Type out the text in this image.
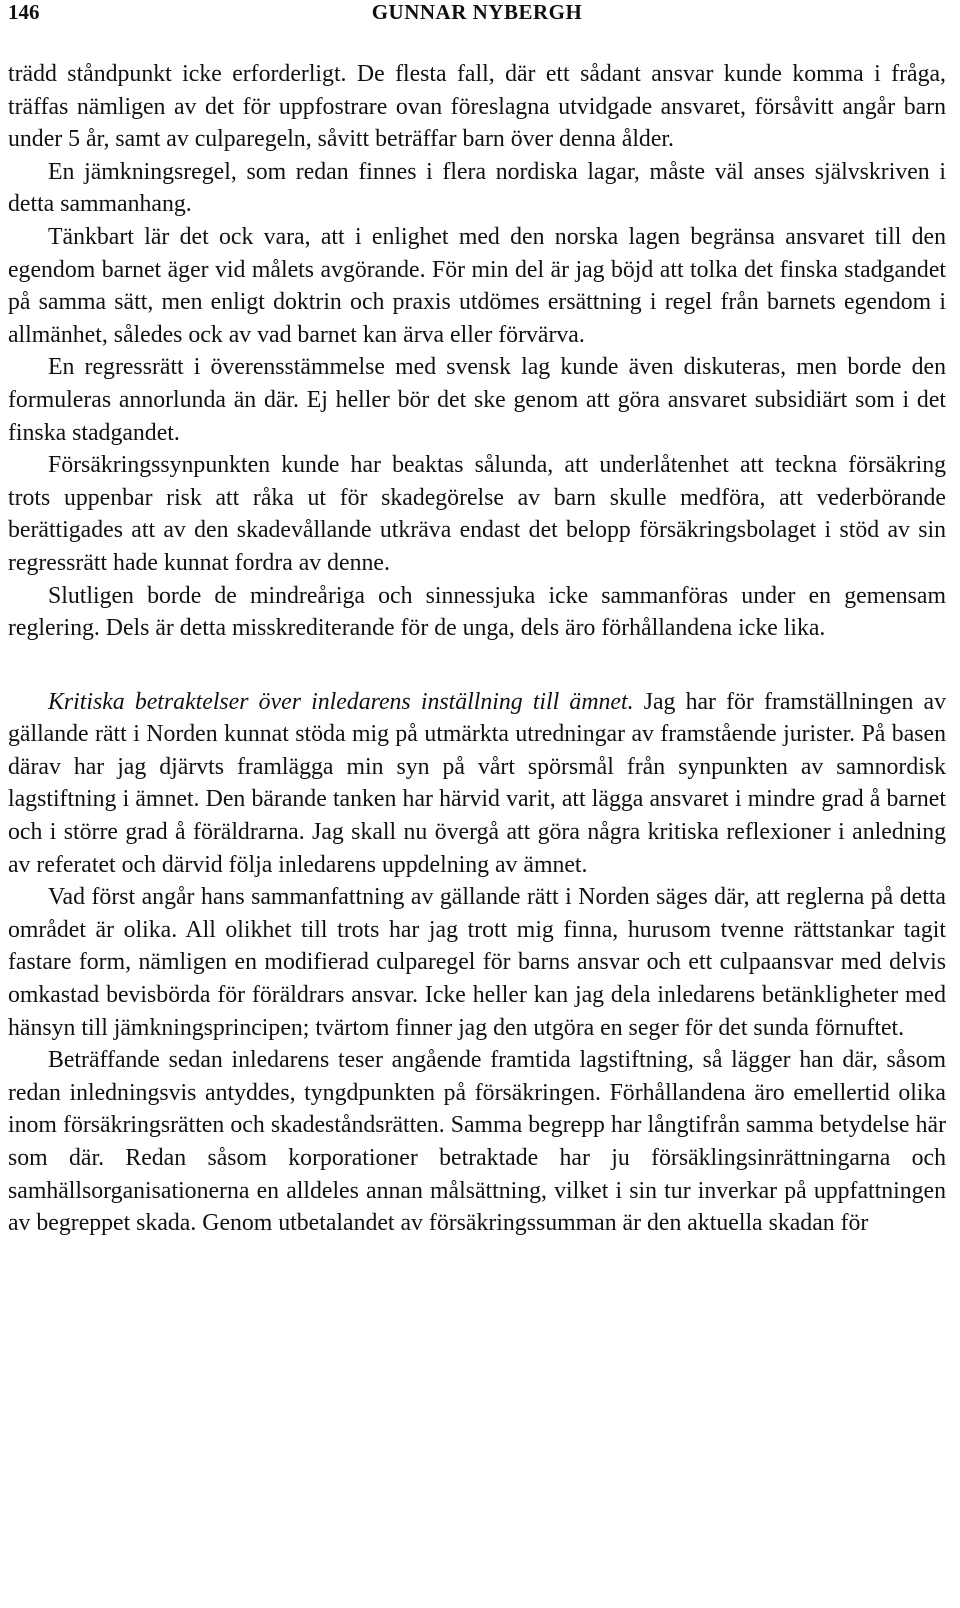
146	GUNNAR NYBERGH

trädd ståndpunkt icke erforderligt. De flesta fall, där ett sådant ansvar kunde komma i fråga, träffas nämligen av det för uppfostrare ovan föreslagna utvidgade ansvaret, försåvitt angår barn under 5 år, samt av culparegeln, såvitt beträffar barn över denna ålder.

En jämkningsregel, som redan finnes i flera nordiska lagar, måste väl anses självskriven i detta sammanhang.

Tänkbart lär det ock vara, att i enlighet med den norska lagen begränsa ansvaret till den egendom barnet äger vid målets avgörande. För min del är jag böjd att tolka det finska stadgandet på samma sätt, men enligt doktrin och praxis utdömes ersättning i regel från barnets egendom i allmänhet, således ock av vad barnet kan ärva eller förvärva.

En regressrätt i överensstämmelse med svensk lag kunde även diskuteras, men borde den formuleras annorlunda än där. Ej heller bör det ske genom att göra ansvaret subsidiärt som i det finska stadgandet.

Försäkringssynpunkten kunde har beaktas sålunda, att underlåtenhet att teckna försäkring trots uppenbar risk att råka ut för skadegörelse av barn skulle medföra, att vederbörande berättigades att av den skadevållande utkräva endast det belopp försäkringsbolaget i stöd av sin regressrätt hade kunnat fordra av denne.

Slutligen borde de mindreåriga och sinnessjuka icke sammanföras under en gemensam reglering. Dels är detta misskrediterande för de unga, dels äro förhållandena icke lika.

Kritiska betraktelser över inledarens inställning till ämnet. Jag har för framställningen av gällande rätt i Norden kunnat stöda mig på utmärkta utredningar av framstående jurister. På basen därav har jag djärvts framlägga min syn på vårt spörsmål från synpunkten av samnordisk lagstiftning i ämnet. Den bärande tanken har härvid varit, att lägga ansvaret i mindre grad å barnet och i större grad å föräldrarna. Jag skall nu övergå att göra några kritiska reflexioner i anledning av referatet och därvid följa inledarens uppdelning av ämnet.

Vad först angår hans sammanfattning av gällande rätt i Norden säges där, att reglerna på detta området är olika. All olikhet till trots har jag trott mig finna, hurusom tvenne rättstankar tagit fastare form, nämligen en modifierad culparegel för barns ansvar och ett culpaansvar med delvis omkastad bevisbörda för föräldrars ansvar. Icke heller kan jag dela inledarens betänkligheter med hänsyn till jämkningsprincipen; tvärtom finner jag den utgöra en seger för det sunda förnuftet.

Beträffande sedan inledarens teser angående framtida lagstiftning, så lägger han där, såsom redan inledningsvis antyddes, tyngdpunkten på försäkringen. Förhållandena äro emellertid olika inom försäkringsrätten och skadeståndsrätten. Samma begrepp har långtifrån samma betydelse här som där. Redan såsom korporationer betraktade har ju försäklingsinrättningarna och samhällsorganisationerna en alldeles annan målsättning, vilket i sin tur inverkar på uppfattningen av begreppet skada. Genom utbetalandet av försäkringssumman är den aktuella skadan för
